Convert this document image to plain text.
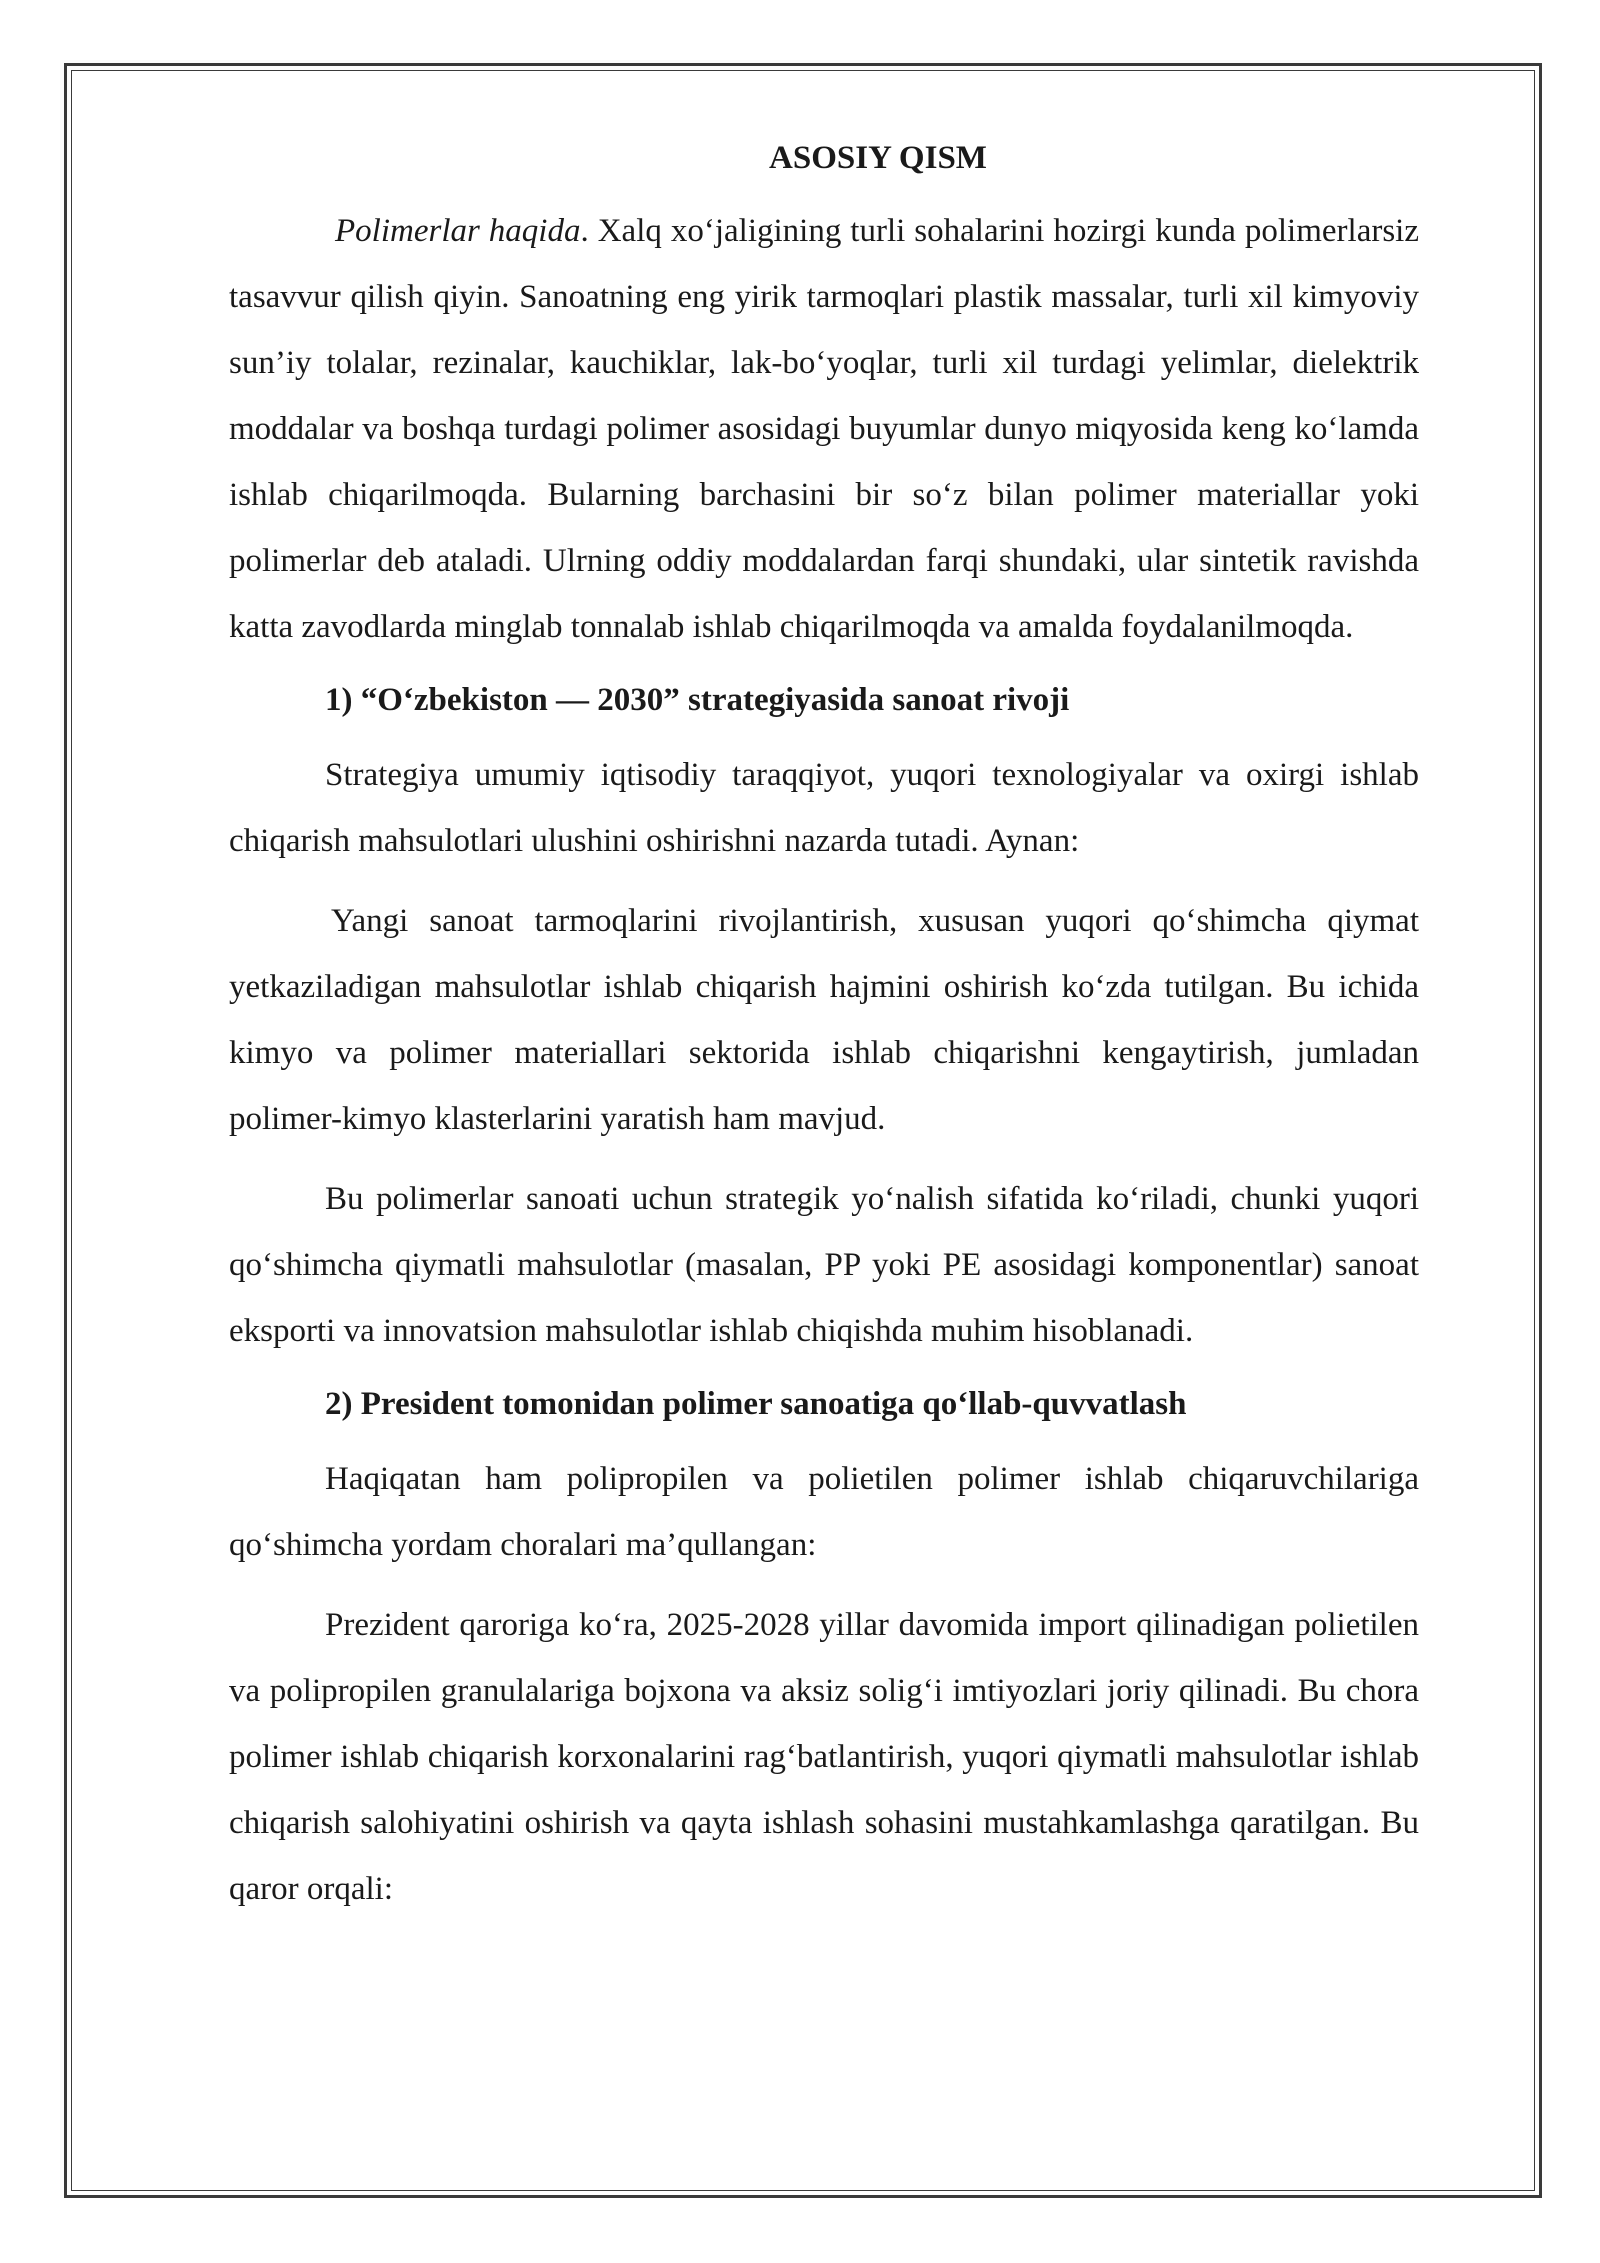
ASOSIY QISM

Polimerlar haqida. Xalq xo‘jaligining turli sohalarini hozirgi kunda polimerlarsiz tasavvur qilish qiyin. Sanoatning eng yirik tarmoqlari plastik massalar, turli xil kimyoviy sun’iy tolalar, rezinalar, kauchiklar, lak-bo‘yoqlar, turli xil turdagi yelimlar, dielektrik moddalar va boshqa turdagi polimer asosidagi buyumlar dunyo miqyosida keng ko‘lamda ishlab chiqarilmoqda. Bularning barchasini bir so‘z bilan polimer materiallar yoki polimerlar deb ataladi. Ulrning oddiy moddalardan farqi shundaki, ular sintetik ravishda katta zavodlarda minglab tonnalab ishlab chiqarilmoqda va amalda foydalanilmoqda.

1) “O‘zbekiston — 2030” strategiyasida sanoat rivoji

Strategiya umumiy iqtisodiy taraqqiyot, yuqori texnologiyalar va oxirgi ishlab chiqarish mahsulotlari ulushini oshirishni nazarda tutadi. Aynan:

Yangi sanoat tarmoqlarini rivojlantirish, xususan yuqori qo‘shimcha qiymat yetkaziladigan mahsulotlar ishlab chiqarish hajmini oshirish ko‘zda tutilgan. Bu ichida kimyo va polimer materiallari sektorida ishlab chiqarishni kengaytirish, jumladan polimer-kimyo klasterlarini yaratish ham mavjud.

Bu polimerlar sanoati uchun strategik yo‘nalish sifatida ko‘riladi, chunki yuqori qo‘shimcha qiymatli mahsulotlar (masalan, PP yoki PE asosidagi komponentlar) sanoat eksporti va innovatsion mahsulotlar ishlab chiqishda muhim hisoblanadi.

2) President tomonidan polimer sanoatiga qo‘llab-quvvatlash

Haqiqatan ham polipropilen va polietilen polimer ishlab chiqaruvchilariga qo‘shimcha yordam choralari ma’qullangan:

Prezident qaroriga ko‘ra, 2025-2028 yillar davomida import qilinadigan polietilen va polipropilen granulalariga bojxona va aksiz solig‘i imtiyozlari joriy qilinadi. Bu chora polimer ishlab chiqarish korxonalarini rag‘batlantirish, yuqori qiymatli mahsulotlar ishlab chiqarish salohiyatini oshirish va qayta ishlash sohasini mustahkamlashga qaratilgan. Bu qaror orqali:
